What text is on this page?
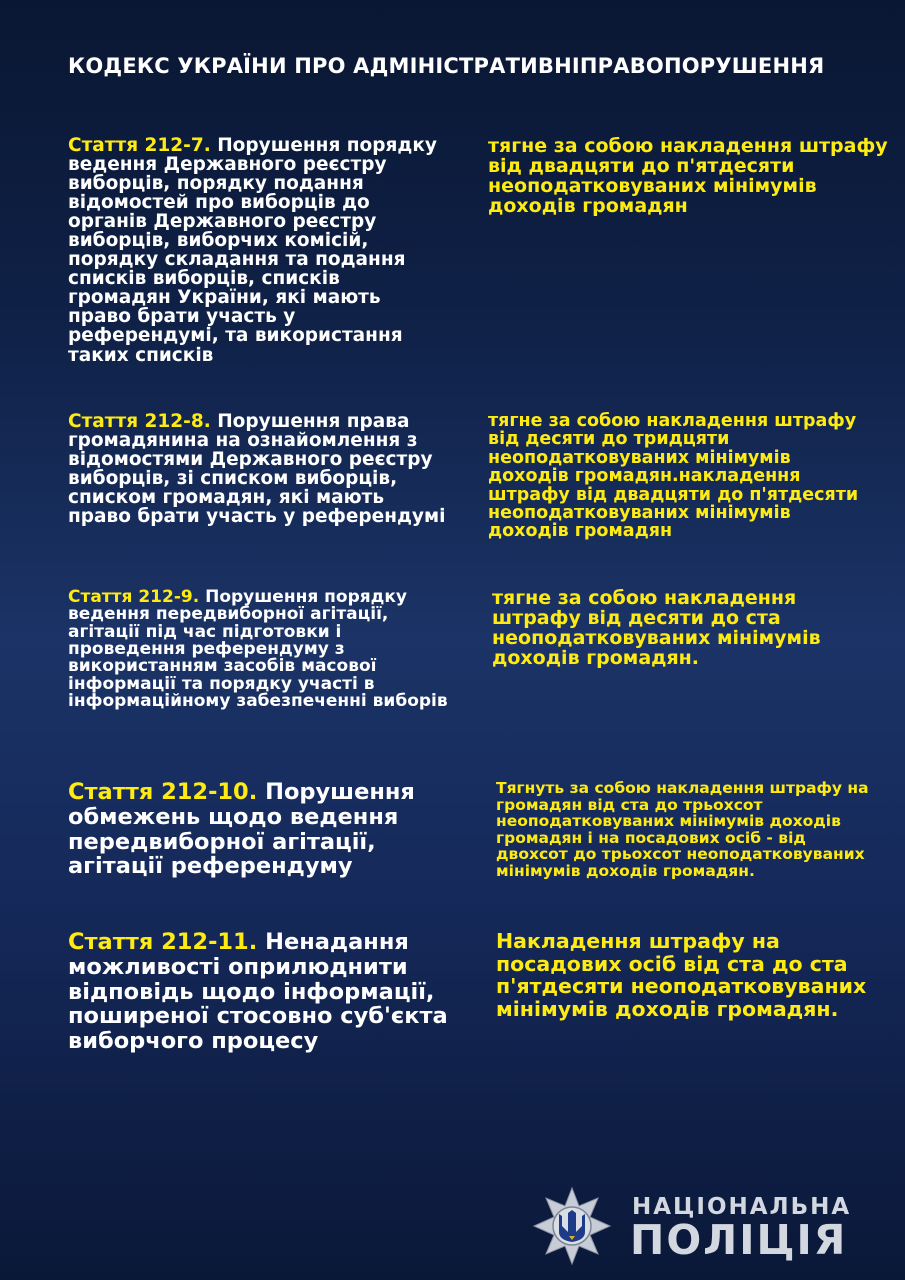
КОДЕКС УКРАЇНИ ПРО АДМІНІСТРАТИВНІПРАВОПОРУШЕННЯ
Стаття 212-7. Порушення порядку ведення Державного реєстру виборців, порядку подання відомостей про виборців до органів Державного реєстру виборців, виборчих комісій, порядку складання та подання списків виборців, списків громадян України, які мають право брати участь у референдумі, та використання таких списків
тягне за собою накладення штрафу від двадцяти до п'ятдесяти неоподатковуваних мінімумів доходів громадян
Стаття 212-8. Порушення права громадянина на ознайомлення з відомостями Державного реєстру виборців, зі списком виборців, списком громадян, які мають право брати участь у референдумі
тягне за собою накладення штрафу від десяти до тридцяти неоподатковуваних мінімумів доходів громадян.накладення штрафу від двадцяти до п'ятдесяти неоподатковуваних мінімумів доходів громадян
Стаття 212-9. Порушення порядку ведення передвиборної агітації, агітації під час підготовки і проведення референдуму з використанням засобів масової інформації та порядку участі в інформаційному забезпеченні виборів
тягне за собою накладення штрафу від десяти до ста неоподатковуваних мінімумів доходів громадян.
Стаття 212-10. Порушення обмежень щодо ведення передвиборної агітації, агітації референдуму
Тягнуть за собою накладення штрафу на громадян від ста до трьохсот неоподатковуваних мінімумів доходів громадян і на посадових осіб - від двохсот до трьохсот неоподатковуваних мінімумів доходів громадян.
Стаття 212-11. Ненадання можливості оприлюднити відповідь щодо інформації, поширеної стосовно суб'єкта виборчого процесу
Накладення штрафу на посадових осіб від ста до ста п'ятдесяти неоподатковуваних мінімумів доходів громадян.
НАЦІОНАЛЬНА
ПОЛІЦІЯ
